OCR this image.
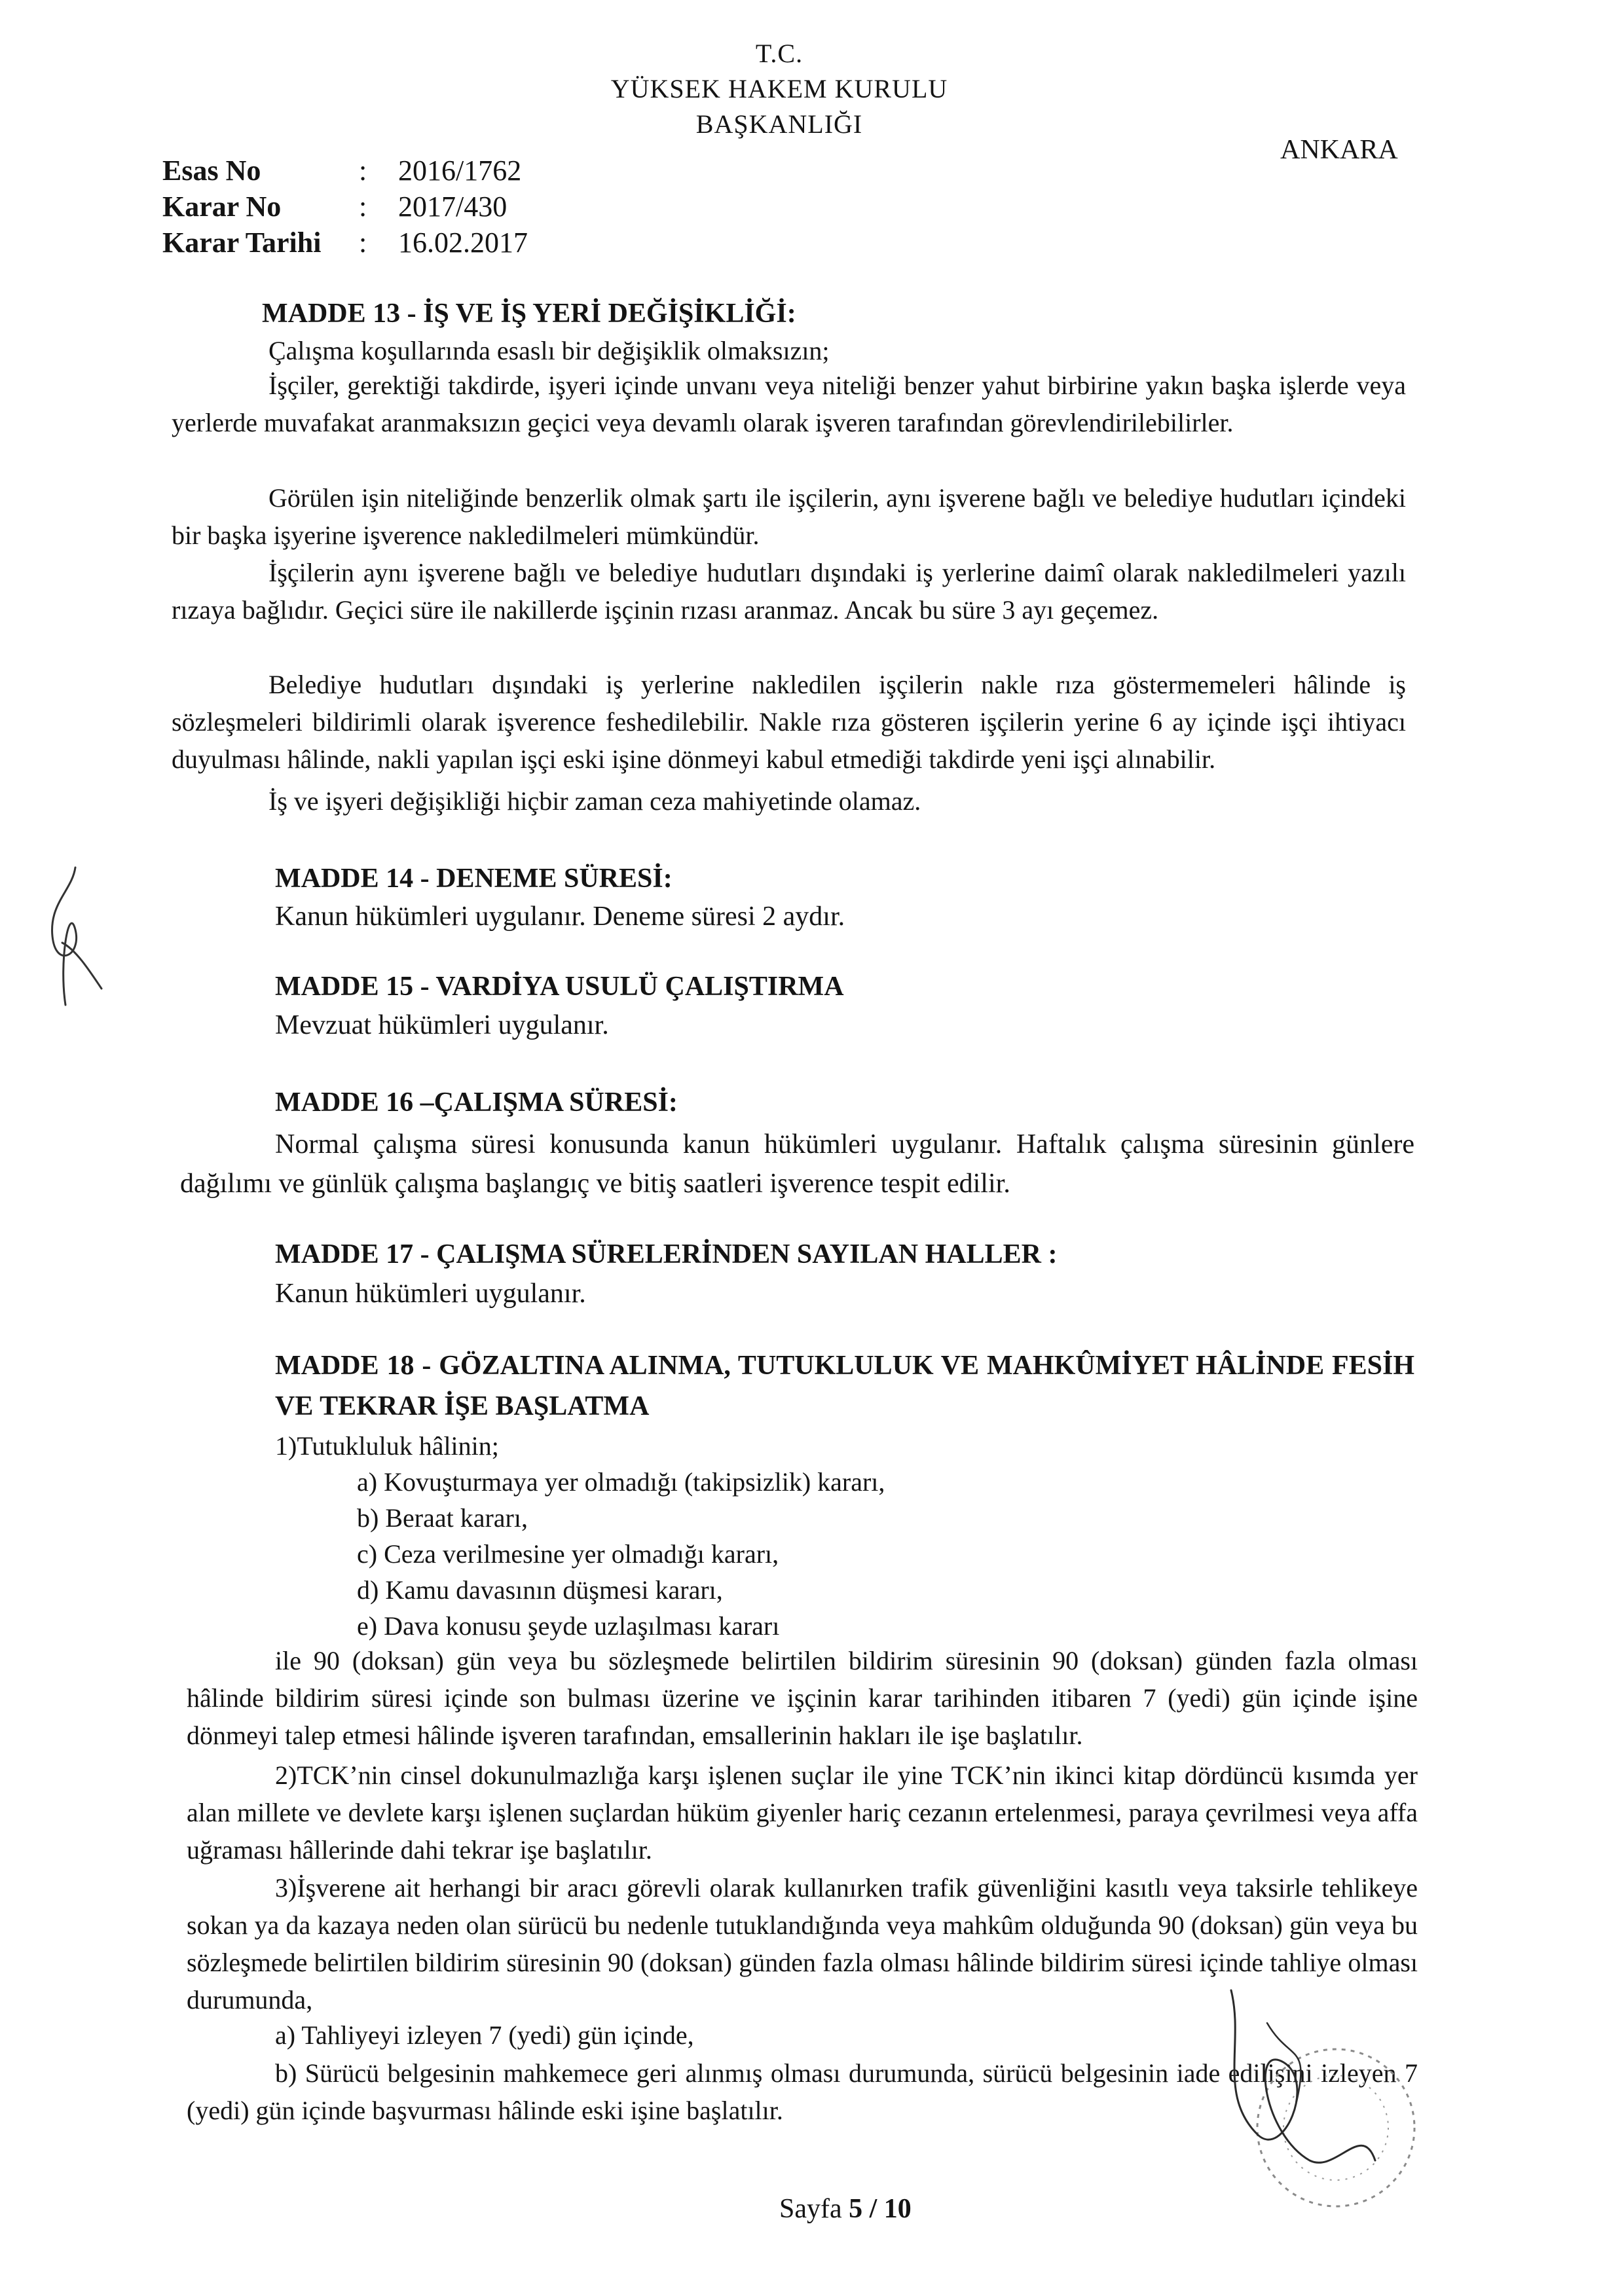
T.C.
YÜKSEK HAKEM KURULU
BAŞKANLIĞI
ANKARA
Esas No	: 2016/1762
Karar No	: 2017/430
Karar Tarihi : 16.02.2017
MADDE 13 - İŞ VE İŞ YERİ DEĞİŞİKLİĞİ:
Çalışma koşullarında esaslı bir değişiklik olmaksızın;
İşçiler, gerektiği takdirde, işyeri içinde unvanı veya niteliği benzer yahut birbirine yakın başka işlerde veya yerlerde muvafakat aranmaksızın geçici veya devamlı olarak işveren tarafından görevlendirilebilirler.
Görülen işin niteliğinde benzerlik olmak şartı ile işçilerin, aynı işverene bağlı ve belediye hudutları içindeki bir başka işyerine işverence nakledilmeleri mümkündür.
İşçilerin aynı işverene bağlı ve belediye hudutları dışındaki iş yerlerine daimî olarak nakledilmeleri yazılı rızaya bağlıdır. Geçici süre ile nakillerde işçinin rızası aranmaz. Ancak bu süre 3 ayı geçemez.
Belediye hudutları dışındaki iş yerlerine nakledilen işçilerin nakle rıza göstermemeleri hâlinde iş sözleşmeleri bildirimli olarak işverence feshedilebilir. Nakle rıza gösteren işçilerin yerine 6 ay içinde işçi ihtiyacı duyulması hâlinde, nakli yapılan işçi eski işine dönmeyi kabul etmediği takdirde yeni işçi alınabilir.
İş ve işyeri değişikliği hiçbir zaman ceza mahiyetinde olamaz.
MADDE 14 - DENEME SÜRESİ:
Kanun hükümleri uygulanır. Deneme süresi 2 aydır.
MADDE 15 - VARDİYA USULÜ ÇALIŞTIRMA
Mevzuat hükümleri uygulanır.
MADDE 16 –ÇALIŞMA SÜRESİ:
Normal çalışma süresi konusunda kanun hükümleri uygulanır. Haftalık çalışma süresinin günlere dağılımı ve günlük çalışma başlangıç ve bitiş saatleri işverence tespit edilir.
MADDE 17 - ÇALIŞMA SÜRELERİNDEN SAYILAN HALLER :
Kanun hükümleri uygulanır.
MADDE 18 - GÖZALTINA ALINMA, TUTUKLULUK VE MAHKÛMİYET HÂLİNDE FESİH VE TEKRAR İŞE BAŞLATMA
1)Tutukluluk hâlinin;
a) Kovuşturmaya yer olmadığı (takipsizlik) kararı,
b) Beraat kararı,
c) Ceza verilmesine yer olmadığı kararı,
d) Kamu davasının düşmesi kararı,
e) Dava konusu şeyde uzlaşılması kararı
ile 90 (doksan) gün veya bu sözleşmede belirtilen bildirim süresinin 90 (doksan) günden fazla olması hâlinde bildirim süresi içinde son bulması üzerine ve işçinin karar tarihinden itibaren 7 (yedi) gün içinde işine dönmeyi talep etmesi hâlinde işveren tarafından, emsallerinin hakları ile işe başlatılır.
2)TCK’nin cinsel dokunulmazlığa karşı işlenen suçlar ile yine TCK’nin ikinci kitap dördüncü kısımda yer alan millete ve devlete karşı işlenen suçlardan hüküm giyenler hariç cezanın ertelenmesi, paraya çevrilmesi veya affa uğraması hâllerinde dahi tekrar işe başlatılır.
3)İşverene ait herhangi bir aracı görevli olarak kullanırken trafik güvenliğini kasıtlı veya taksirle tehlikeye sokan ya da kazaya neden olan sürücü bu nedenle tutuklandığında veya mahkûm olduğunda 90 (doksan) gün veya bu sözleşmede belirtilen bildirim süresinin 90 (doksan) günden fazla olması hâlinde bildirim süresi içinde tahliye olması durumunda,
a) Tahliyeyi izleyen 7 (yedi) gün içinde,
b) Sürücü belgesinin mahkemece geri alınmış olması durumunda, sürücü belgesinin iade edilişini izleyen 7 (yedi) gün içinde başvurması hâlinde eski işine başlatılır.
Sayfa 5 / 10
